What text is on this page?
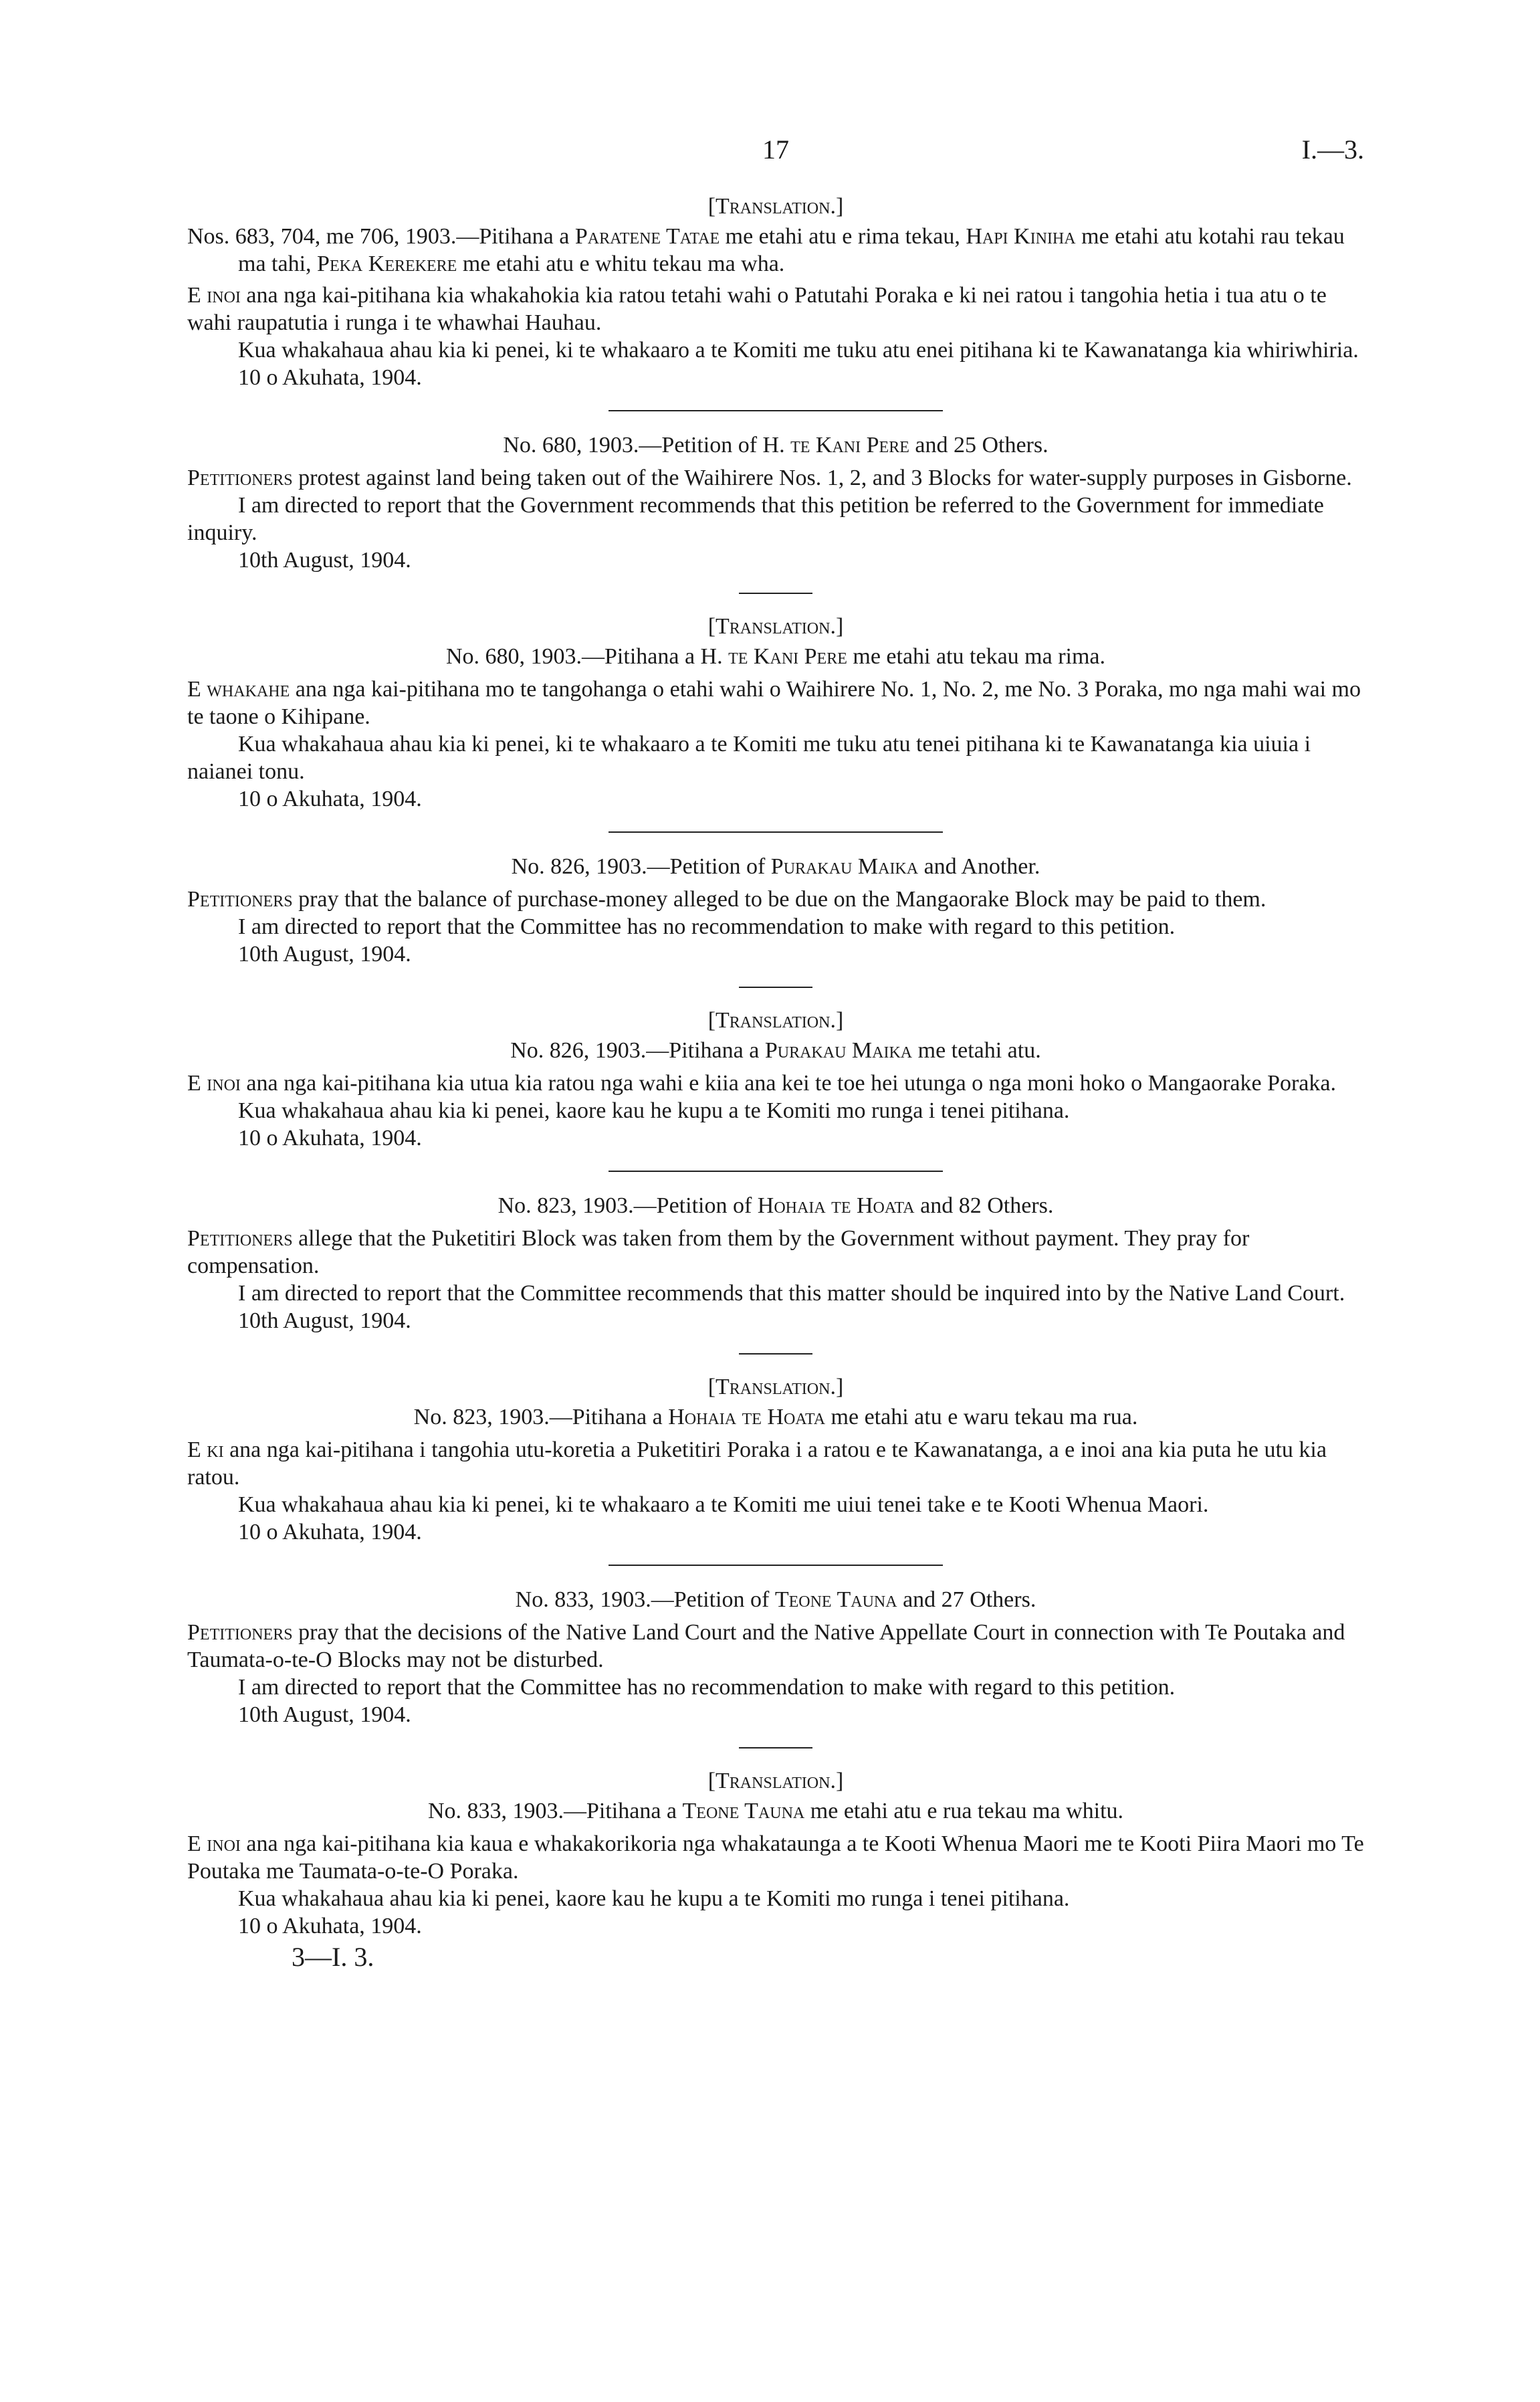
17	I.—3.
[Translation.]
Nos. 683, 704, me 706, 1903.—Pitihana a Paratene Tatae me etahi atu e rima tekau, Hapi Kiniha me etahi atu kotahi rau tekau ma tahi, Peka Kerekere me etahi atu e whitu tekau ma wha.
E inoi ana nga kai-pitihana kia whakahokia kia ratou tetahi wahi o Patutahi Poraka e ki nei ratou i tangohia hetia i tua atu o te wahi raupatutia i runga i te whawhai Hauhau.
Kua whakahaua ahau kia ki penei, ki te whakaaro a te Komiti me tuku atu enei pitihana ki te Kawanatanga kia whiriwhiria.
10 o Akuhata, 1904.
No. 680, 1903.—Petition of H. te Kani Pere and 25 Others.
Petitioners protest against land being taken out of the Waihirere Nos. 1, 2, and 3 Blocks for water-supply purposes in Gisborne.
I am directed to report that the Government recommends that this petition be referred to the Government for immediate inquiry.
10th August, 1904.
[Translation.]
No. 680, 1903.—Pitihana a H. te Kani Pere me etahi atu tekau ma rima.
E whakahe ana nga kai-pitihana mo te tangohanga o etahi wahi o Waihirere No. 1, No. 2, me No. 3 Poraka, mo nga mahi wai mo te taone o Kihipane.
Kua whakahaua ahau kia ki penei, ki te whakaaro a te Komiti me tuku atu tenei pitihana ki te Kawanatanga kia uiuia i naianei tonu.
10 o Akuhata, 1904.
No. 826, 1903.—Petition of Purakau Maika and Another.
Petitioners pray that the balance of purchase-money alleged to be due on the Mangaorake Block may be paid to them.
I am directed to report that the Committee has no recommendation to make with regard to this petition.
10th August, 1904.
[Translation.]
No. 826, 1903.—Pitihana a Purakau Maika me tetahi atu.
E inoi ana nga kai-pitihana kia utua kia ratou nga wahi e kiia ana kei te toe hei utunga o nga moni hoko o Mangaorake Poraka.
Kua whakahaua ahau kia ki penei, kaore kau he kupu a te Komiti mo runga i tenei pitihana.
10 o Akuhata, 1904.
No. 823, 1903.—Petition of Hohaia te Hoata and 82 Others.
Petitioners allege that the Puketitiri Block was taken from them by the Government without payment. They pray for compensation.
I am directed to report that the Committee recommends that this matter should be inquired into by the Native Land Court.
10th August, 1904.
[Translation.]
No. 823, 1903.—Pitihana a Hohaia te Hoata me etahi atu e waru tekau ma rua.
E ki ana nga kai-pitihana i tangohia utu-koretia a Puketitiri Poraka i a ratou e te Kawanatanga, a e inoi ana kia puta he utu kia ratou.
Kua whakahaua ahau kia ki penei, ki te whakaaro a te Komiti me uiui tenei take e te Kooti Whenua Maori.
10 o Akuhata, 1904.
No. 833, 1903.—Petition of Teone Tauna and 27 Others.
Petitioners pray that the decisions of the Native Land Court and the Native Appellate Court in connection with Te Poutaka and Taumata-o-te-O Blocks may not be disturbed.
I am directed to report that the Committee has no recommendation to make with regard to this petition.
10th August, 1904.
[Translation.]
No. 833, 1903.—Pitihana a Teone Tauna me etahi atu e rua tekau ma whitu.
E inoi ana nga kai-pitihana kia kaua e whakakorikoria nga whakataunga a te Kooti Whenua Maori me te Kooti Piira Maori mo Te Poutaka me Taumata-o-te-O Poraka.
Kua whakahaua ahau kia ki penei, kaore kau he kupu a te Komiti mo runga i tenei pitihana.
10 o Akuhata, 1904.
3—I. 3.
